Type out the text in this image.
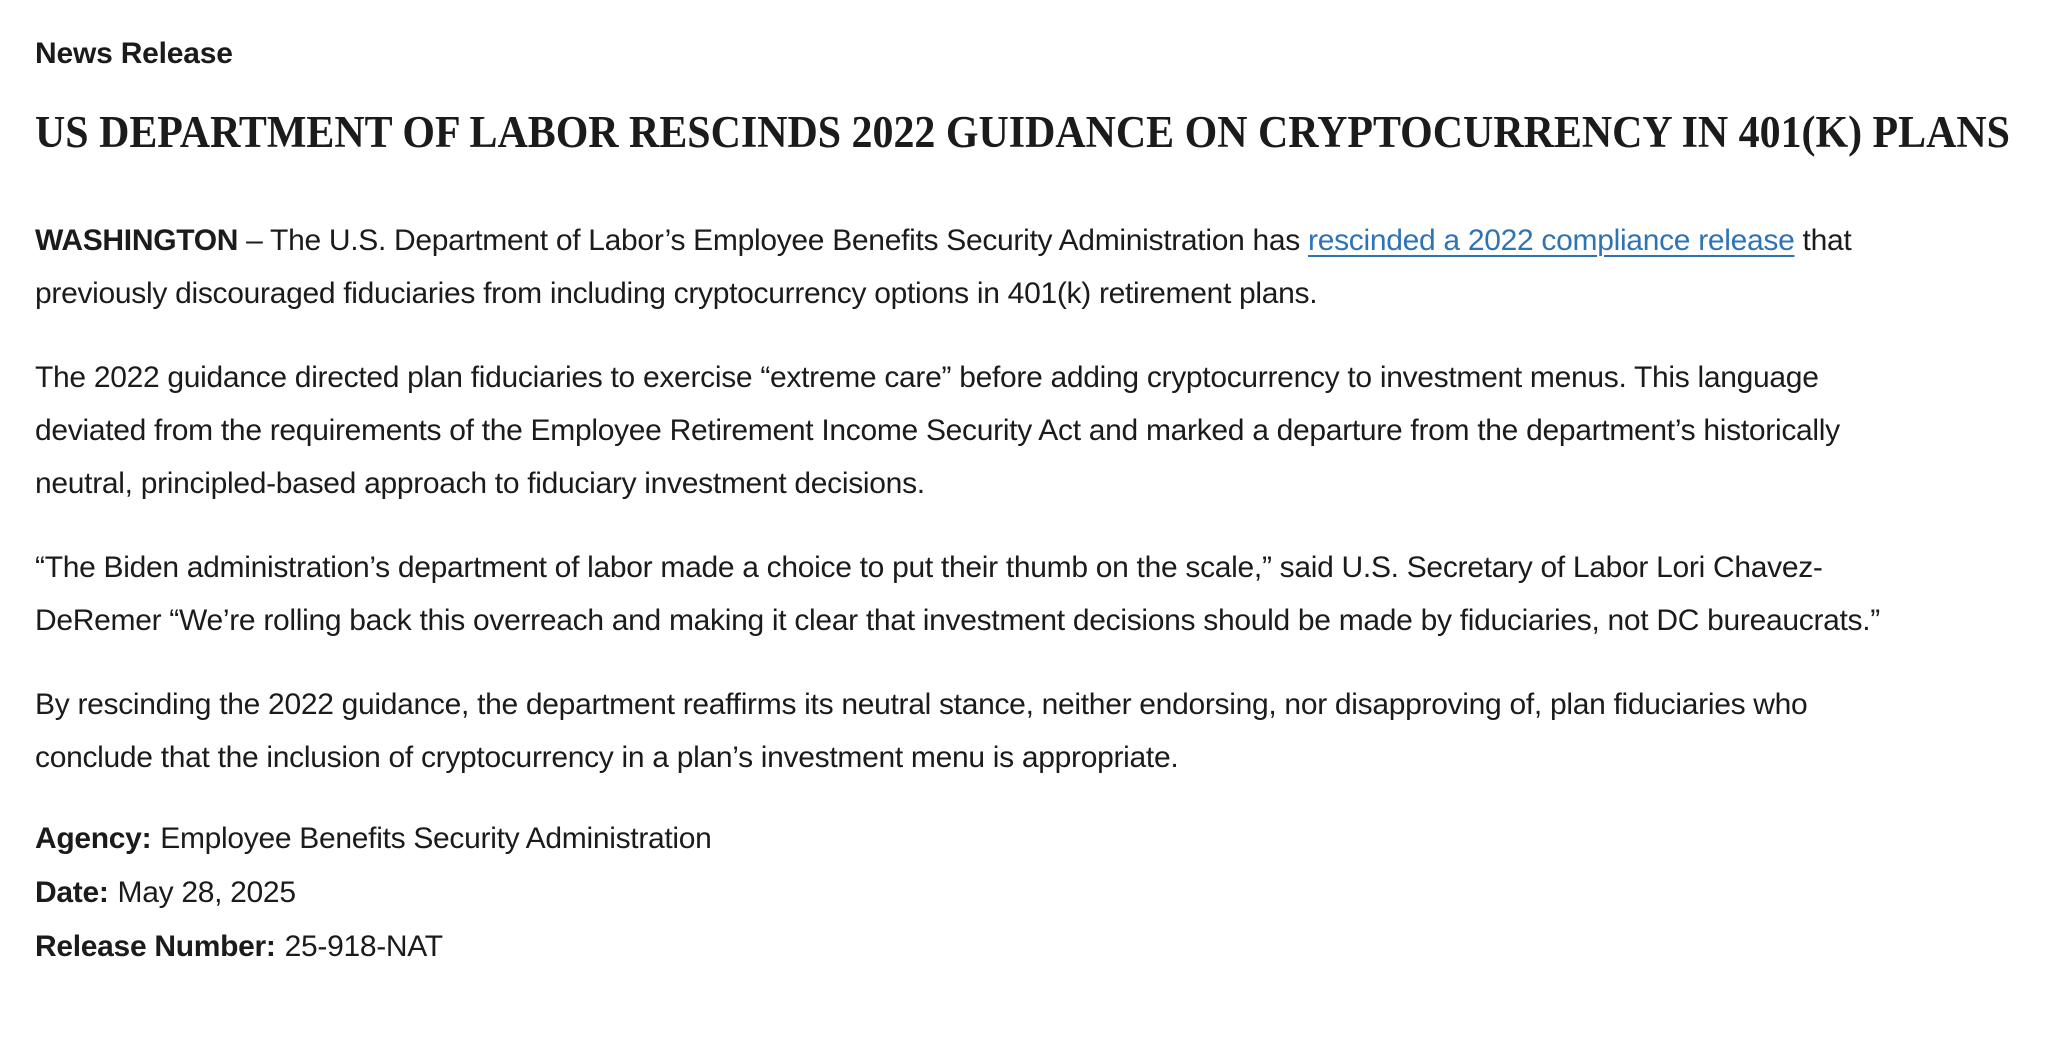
News Release
US DEPARTMENT OF LABOR RESCINDS 2022 GUIDANCE ON CRYPTOCURRENCY IN 401(K) PLANS

WASHINGTON – The U.S. Department of Labor’s Employee Benefits Security Administration has rescinded a 2022 compliance release that previously discouraged fiduciaries from including cryptocurrency options in 401(k) retirement plans.

The 2022 guidance directed plan fiduciaries to exercise “extreme care” before adding cryptocurrency to investment menus. This language deviated from the requirements of the Employee Retirement Income Security Act and marked a departure from the department’s historically neutral, principled-based approach to fiduciary investment decisions.

“The Biden administration’s department of labor made a choice to put their thumb on the scale,” said U.S. Secretary of Labor Lori Chavez-DeRemer “We’re rolling back this overreach and making it clear that investment decisions should be made by fiduciaries, not DC bureaucrats.”

By rescinding the 2022 guidance, the department reaffirms its neutral stance, neither endorsing, nor disapproving of, plan fiduciaries who conclude that the inclusion of cryptocurrency in a plan’s investment menu is appropriate.

Agency: Employee Benefits Security Administration
Date: May 28, 2025
Release Number: 25-918-NAT
